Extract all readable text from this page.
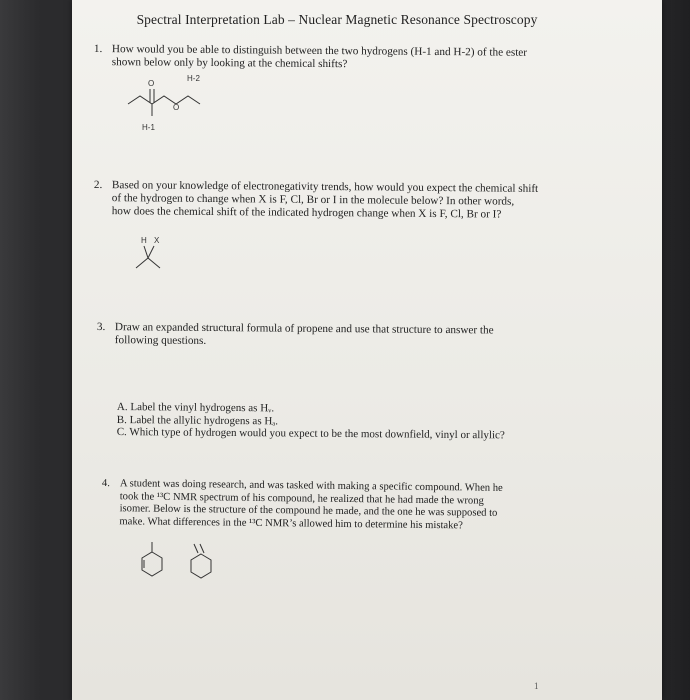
Spectral Interpretation Lab – Nuclear Magnetic Resonance Spectroscopy
1. How would you be able to distinguish between the two hydrogens (H-1 and H-2) of the ester
shown below only by looking at the chemical shifts?
O
O
H-2
H-1
2. Based on your knowledge of electronegativity trends, how would you expect the chemical shift
of the hydrogen to change when X is F, Cl, Br or I in the molecule below? In other words,
how does the chemical shift of the indicated hydrogen change when X is F, Cl, Br or I?
H X
3. Draw an expanded structural formula of propene and use that structure to answer the
following questions.
A. Label the vinyl hydrogens as Hᵥ.
B. Label the allylic hydrogens as Hₐ.
C. Which type of hydrogen would you expect to be the most downfield, vinyl or allylic?
4. A student was doing research, and was tasked with making a specific compound. When he
took the ¹³C NMR spectrum of his compound, he realized that he had made the wrong
isomer. Below is the structure of the compound he made, and the one he was supposed to
make. What differences in the ¹³C NMR’s allowed him to determine his mistake?
1
